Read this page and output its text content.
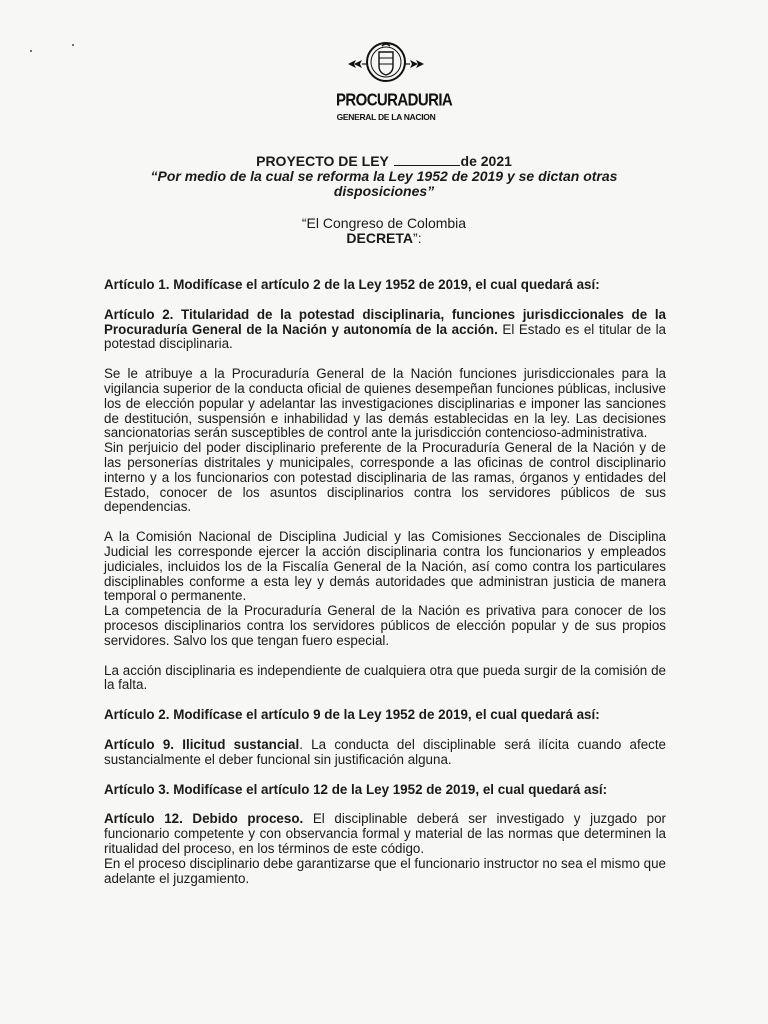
PROCURADURIA
GENERAL DE LA NACION
PROYECTO DE LEY	de 2021
“Por medio de la cual se reforma la Ley 1952 de 2019 y se dictan otras
disposiciones”
“El Congreso de Colombia
DECRETA”:

Artículo 1. Modifícase el artículo 2 de la Ley 1952 de 2019, el cual quedará así:

Artículo 2. Titularidad de la potestad disciplinaria, funciones jurisdiccionales de la Procuraduría General de la Nación y autonomía de la acción. El Estado es el titular de la potestad disciplinaria.

Se le atribuye a la Procuraduría General de la Nación funciones jurisdiccionales para la vigilancia superior de la conducta oficial de quienes desempeñan funciones públicas, inclusive los de elección popular y adelantar las investigaciones disciplinarias e imponer las sanciones de destitución, suspensión e inhabilidad y las demás establecidas en la ley. Las decisiones sancionatorias serán susceptibles de control ante la jurisdicción contencioso-administrativa.

Sin perjuicio del poder disciplinario preferente de la Procuraduría General de la Nación y de las personerías distritales y municipales, corresponde a las oficinas de control disciplinario interno y a los funcionarios con potestad disciplinaria de las ramas, órganos y entidades del Estado, conocer de los asuntos disciplinarios contra los servidores públicos de sus dependencias.

A la Comisión Nacional de Disciplina Judicial y las Comisiones Seccionales de Disciplina Judicial les corresponde ejercer la acción disciplinaria contra los funcionarios y empleados judiciales, incluidos los de la Fiscalía General de la Nación, así como contra los particulares disciplinables conforme a esta ley y demás autoridades que administran justicia de manera temporal o permanente.

La competencia de la Procuraduría General de la Nación es privativa para conocer de los procesos disciplinarios contra los servidores públicos de elección popular y de sus propios servidores. Salvo los que tengan fuero especial.

La acción disciplinaria es independiente de cualquiera otra que pueda surgir de la comisión de la falta.

Artículo 2. Modifícase el artículo 9 de la Ley 1952 de 2019, el cual quedará así:

Artículo 9. Ilicitud sustancial. La conducta del disciplinable será ilícita cuando afecte sustancialmente el deber funcional sin justificación alguna.

Artículo 3. Modifícase el artículo 12 de la Ley 1952 de 2019, el cual quedará así:

Artículo 12. Debido proceso. El disciplinable deberá ser investigado y juzgado por funcionario competente y con observancia formal y material de las normas que determinen la ritualidad del proceso, en los términos de este código.

En el proceso disciplinario debe garantizarse que el funcionario instructor no sea el mismo que adelante el juzgamiento.
